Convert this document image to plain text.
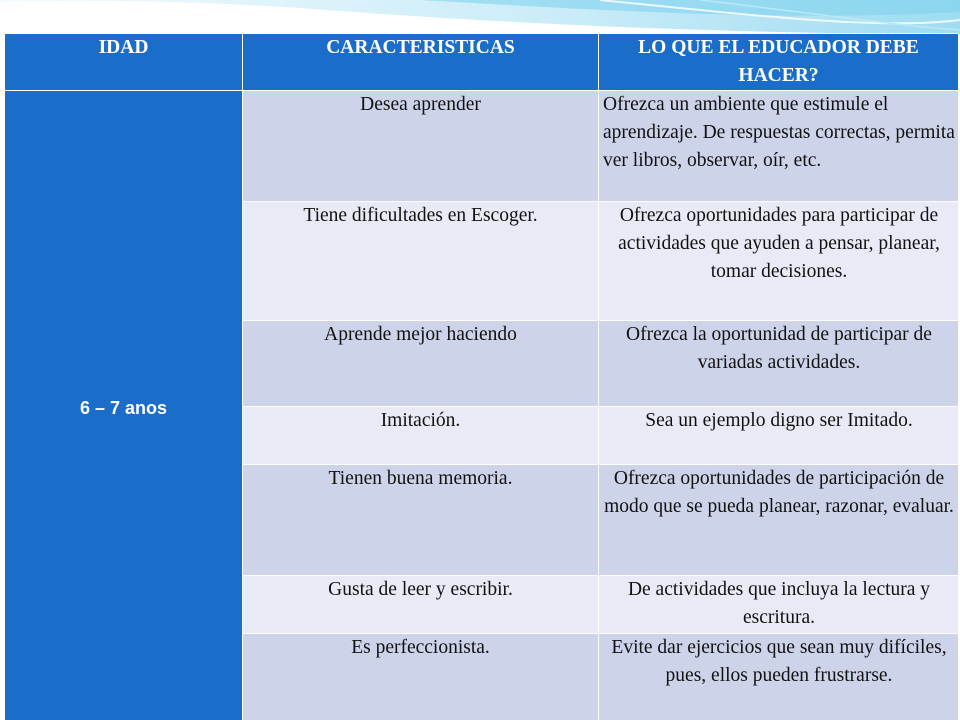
IDAD	CARACTERISTICAS	LO QUE EL EDUCADOR DEBE HACER?
6 – 7 anos	Desea aprender	Ofrezca un ambiente que estimule el aprendizaje. De respuestas correctas, permita ver libros, observar, oír, etc.
	Tiene dificultades en Escoger.	Ofrezca oportunidades para participar de actividades que ayuden a pensar, planear, tomar decisiones.
	Aprende mejor haciendo	Ofrezca la oportunidad de participar de variadas actividades.
	Imitación.	Sea un ejemplo digno ser Imitado.
	Tienen buena memoria.	Ofrezca oportunidades de participación de modo que se pueda planear, razonar, evaluar.
	Gusta de leer y escribir.	De actividades que incluya la lectura y escritura.
	Es perfeccionista.	Evite dar ejercicios que sean muy difíciles, pues, ellos pueden frustrarse.
